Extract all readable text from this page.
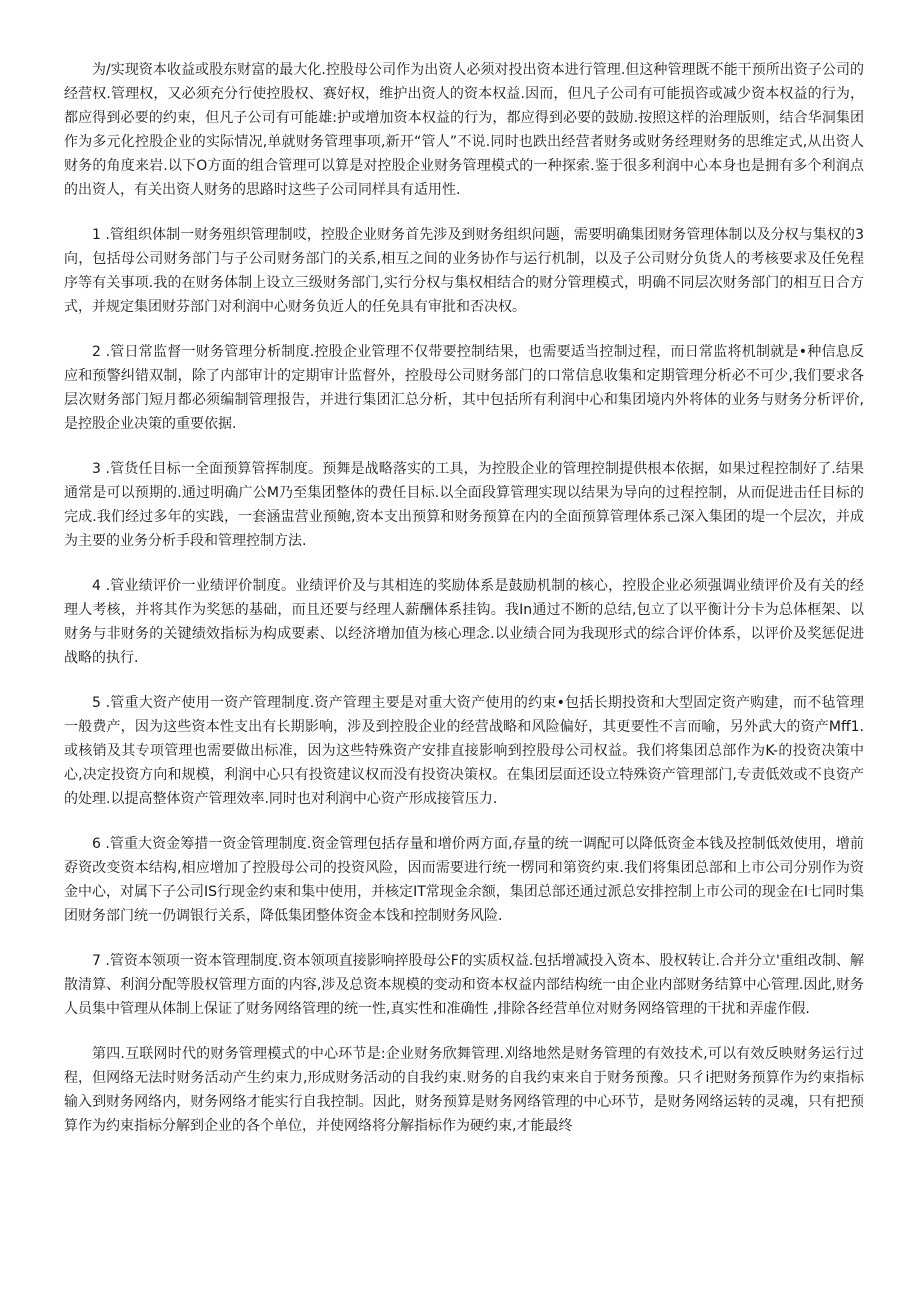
为/实现资本收益或股东财富的最大化.控股母公司作为出资人必须对投出资本进行管理.但这种管理既不能干预所出资子公司的经营权.管理权，又必须充分行使控股权、赛好权，维护出资人的资本权益.因而，但凡子公司有可能损咨或减少资本权益的行为，都应得到必要的约束，但凡子公司有可能雄:护或增加资本权益的行为，都应得到必要的鼓励.按照这样的治理版则，结合华洞集团作为多元化控股企业的实际情况,单就财务管理事项,新开“管人”不说.同时也跌出经营者财务或财务经理财务的思维定式,从出资人财务的角度来岩.以下O方面的组合管理可以算是对控股企业财务管理模式的一种探索.鉴于很多利润中心本身也是拥有多个利润点的出资人，有关出资人财务的思路时这些子公司同样具有适用性.

1 .管组织体制一财务殂织管理制哎，控股企业财务首先涉及到财务组织问题，需要明确集团财务管理体制以及分权与集权的3向，包括母公司财务部门与子公司财务部门的关系,相互之间的业务协作与运行机制，以及子公司财分负货人的考核要求及任免程序等有关事项.我的在财务体制上设立三级财务部门,实行分权与集权相结合的财分管理模式，明确不同层次财务部门的相互日合方式，并规定集团财芬部门对利润中心财务负近人的任免具有审批和否决权。

2 .管日常监督一财务管理分析制度.控股企业管理不仅带要控制结果，也需要适当控制过程，而日常监将机制就是•种信息反应和预警纠错双制，除了内部审计的定期审计监督外，控股母公司财务部门的口常信息收集和定期管理分析必不可少,我们要求各层次财务部门短月都必须编制管理报告，并进行集团汇总分析，其中包括所有利润中心和集团境内外将体的业务与财务分析评价,是控股企业决策的重要依据.

3 .管货任目标一全面预算管挥制度。预舞是战略落实的工具，为控股企业的管理控制提供根本依据，如果过程控制好了.结果通常是可以预期的.通过明确广公M乃至集团整体的费任目标.以全面段算管理实现以结果为导向的过程控制，从而促进击任目标的完成.我们经过多年的实践，一套涵盅营业预鲍,资本支出预算和财务预算在内的全面预算管理体系己深入集团的堤一个层次，并成为主要的业务分析手段和管理控制方法.

4 .管业绩评价一业绩评价制度。业绩评价及与其相连的奖励体系是鼓励机制的核心，控股企业必须强调业绩评价及有关的经理人考核，并将其作为奖惩的基础，而且还要与经理人薪酬体系挂钩。我In通过不断的总结,包立了以平衡计分卡为总体框架、以财务与非财务的关键绩效指标为构成要素、以经济增加值为核心理念.以业绩合同为我现形式的综合评价体系，以评价及奖惩促进战略的执行.

5 .管重大资产使用一资产管理制度.资产管理主要是对重大资产使用的约束•包括长期投资和大型固定资产购建，而不毡管理一般费产，因为这些资本性支出有长期影响，涉及到控股企业的经营战略和风险偏好，其更要性不言而喻，另外武大的资产Mff1.或核销及其专项管理也需要做出标准，因为这些特殊资产安排直接影响到控股母公司权益。我们将集团总部作为K-的投资决策中心,决定投资方向和规模，利润中心只有投资建议权而没有投资决策权。在集团层面还设立特殊资产管理部门,专责低效或不良资产的处理.以提高整体资产管理效率.同时也对利润中心资产形成接管压力.

6 .管重大资金筹措一资金管理制度.资金管理包括存量和增价两方面,存量的统一调配可以降低资金本钱及控制低效使用，增前孬资改变资本结构,相应增加了控股母公司的投资风险，因而需要进行统一楞同和第资约束.我们将集团总部和上市公司分别作为资金中心，对属下子公司IS行现金约束和集中使用，并核定IT常现金余额，集团总部还通过派总安排控制上市公司的现金在I七同时集团财务部门统一仍调银行关系，降低集团整体资金本饯和控制财务风险.

7 .管资本领项一资本管理制度.资本领项直接影响捽股母公F的实质权益.包括增减投入资本、股权转让.合并分立'重组改制、解散清算、利润分配等股权管理方面的内容,涉及总资本规模的变动和资本权益内部结构统一由企业内部财务结算中心管理.因此,财务人员集中管理从体制上保证了财务网络管理的统一性,真实性和准确性 ,排除各经营单位对财务网络管理的干扰和弄虚作假.

第四.互联网时代的财务管理模式的中心环节是:企业财务欣舞管理.刈络地然是财务管理的有效技术,可以有效反映财务运行过程，但网络无法时财务活动产生约束力,形成财务活动的自我约束.财务的自我约束来自于财务预豫。只彳i把财务预算作为约束指标输入到财务网络内，财务网络才能实行自我控制。因此，财务预算是财务网络管理的中心环节，是财务网络运转的灵魂，只有把预算作为约束指标分解到企业的各个单位，并使网络将分解指标作为硬约束,才能最终
